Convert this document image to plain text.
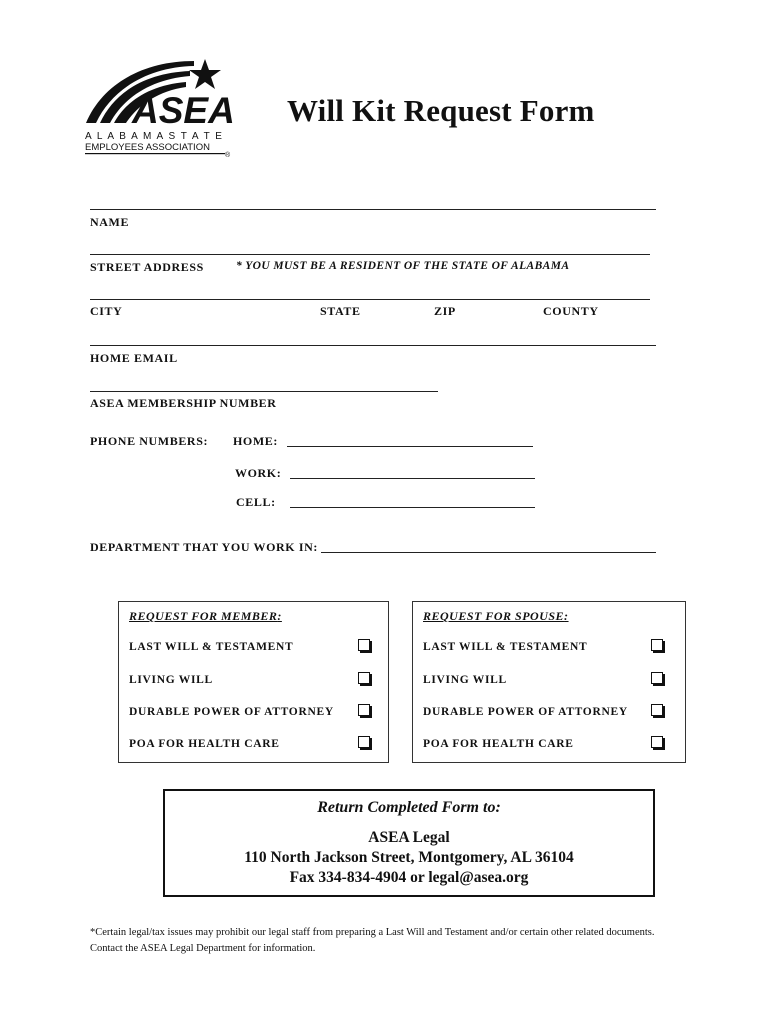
ASEA
A L A B A M A S T A T E
EMPLOYEES ASSOCIATION
®
Will Kit Request Form
NAME
STREET ADDRESS	* YOU MUST BE A RESIDENT OF THE STATE OF ALABAMA
CITY	STATE	ZIP	COUNTY
HOME EMAIL
ASEA MEMBERSHIP NUMBER
PHONE NUMBERS: HOME:
WORK:
CELL:
DEPARTMENT THAT YOU WORK IN:
REQUEST FOR MEMBER:
LAST WILL & TESTAMENT
LIVING WILL
DURABLE POWER OF ATTORNEY
POA FOR HEALTH CARE
REQUEST FOR SPOUSE:
LAST WILL & TESTAMENT
LIVING WILL
DURABLE POWER OF ATTORNEY
POA FOR HEALTH CARE
Return Completed Form to:
ASEA Legal
110 North Jackson Street, Montgomery, AL 36104
Fax 334-834-4904 or legal@asea.org
*Certain legal/tax issues may prohibit our legal staff from preparing a Last Will and Testament and/or certain other related documents. Contact the ASEA Legal Department for information.
